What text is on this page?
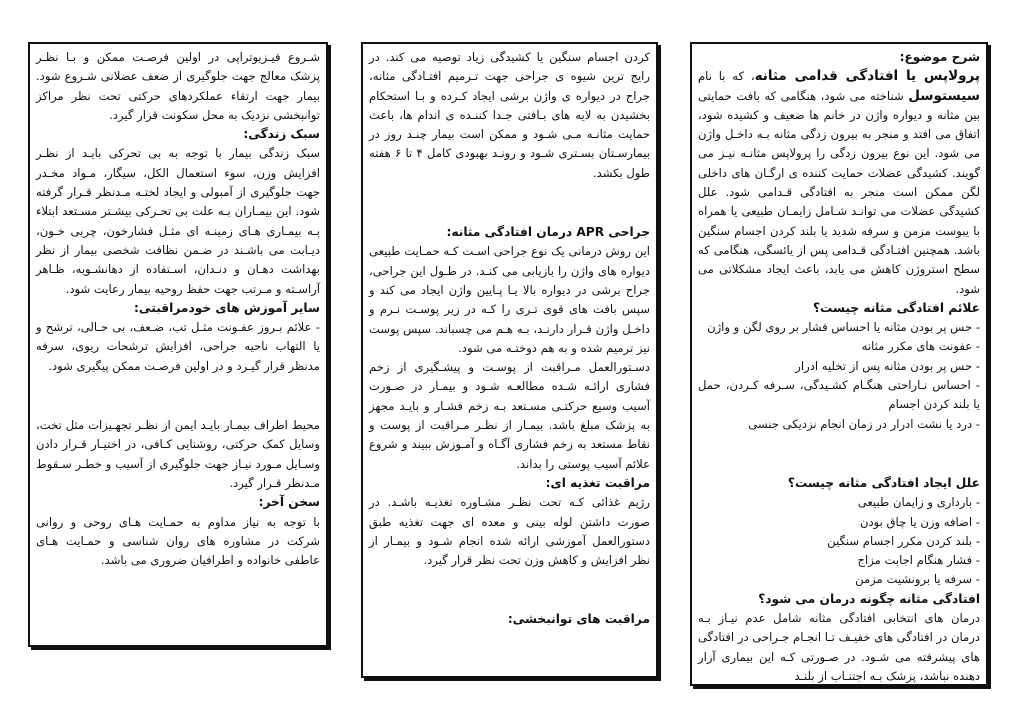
شرح موضوع:

پرولاپس یا افتادگی قدامی مثانه، که با نام سیستوسل شناخته می شود، هنگامی که بافت حمایتی بین مثانه و دیواره واژن در خانم ها ضعیف و کشیده شود، اتفاق می افتد و منجر به بیرون زدگی مثانه بـه داخـل واژن می شود. این نوع بیرون زدگی را پرولاپس مثانـه نیـز می گویند. کشیدگی عضلات حمایت کننده ی ارگـان های داخلی لگن ممکن است منجر به افتادگی قـدامی شود. علل کشیدگی عضلات می توانـد شـامل زایمـان طبیعی یا همراه با یبوست مزمن و سرفه شدید یا بلند کردن اجسام سنگین باشد. همچنین افتـادگی قـدامی پس از یائسگی، هنگامی که سطح استروژن کاهش می یابد، باعث ایجاد مشکلاتی می شود.

علائم افتادگی مثانه چیست؟

- حس پر بودن مثانه یا احساس فشار بر روی لگن و واژن

- عفونت های مکرر مثانه

- حس پر بودن مثانه پس از تخلیه ادرار

- احساس نـاراحتی هنگـام کشـیدگی، سـرفه کـردن، حمل یا بلند کردن اجسام

- درد یا نشت ادرار در زمان انجام نزدیکی جنسی

علل ایجاد افتادگی مثانه چیست؟

- بارداری و زایمان طبیعی

- اضافه وزن یا چاق بودن

- بلند کردن مکرر اجسام سنگین

- فشار هنگام اجابت مزاج

- سرفه یا برونشیت مزمن

افتادگی مثانه چگونه درمان می شود؟

درمان های انتخابی افتادگی مثانه شامل عدم نیـاز بـه درمان در افتادگی های خفیـف تـا انجـام جـراحی در افتادگی های پیشرفته می شـود. در صـورتی کـه این بیماری آزار دهنده نباشد، پزشک بـه اجتنـاب از بلنـد

کردن اجسام سنگین یا کشیدگی زیاد توصیه می کند. در رایج ترین شیوه ی جراحی جهت تـرمیم افتـادگی مثانه، جراح در دیواره ی واژن برشی ایجاد کـرده و بـا استحکام بخشیدن به لایه های بـافتی جـدا کننـده ی اندام ها، باعث حمایت مثانـه مـی شـود و ممکن است بیمار چنـد روز در بیمارسـتان بسـتری شـود و رونـد بهبودی کامل ۴ تا ۶ هفته طول بکشد.

جراحی APR درمان افتادگی مثانه:

این روش درمانی یک نوع جراحی اسـت کـه حمـایت طبیعی دیواره های واژن را بازیابی می کنـد. در طـول این جراحی، جراح برشی در دیواره بالا یـا پـایین واژن ایجاد می کند و سپس بافت های قوی تـری را کـه در زیر پوسـت نـرم و داخـل واژن قـرار دارنـد، بـه هـم می چسباند. سپس پوست نیز ترمیم شده و به هم دوختـه می شود.

دسـتورالعمل مـراقبت از پوسـت و پیشـگیری از زخم فشاری ارائـه شـده مطالعـه شـود و بیمـار در صـورت آسیب وسیع حرکتـی مسـتعد بـه زخم فشـار و بایـد مجهز به پزشک مبلغ باشد. بیمـار از نظـر مـراقبت از پوست و نقاط مستعد به زخم فشاری آگـاه و آمـوزش ببیند و شروع علائم آسیب پوستی را بداند.

مراقبت تغذیه ای:

رژیم غذائی کـه تحت نظـر مشـاوره تغذیـه باشـد. در صورت داشتن لوله بینی و معده ای جهت تغذیه طبق دستورالعمل آموزشی ارائه شده انجام شـود و بیمـار از نظر افزایش و کاهش وزن تحت نظر قرار گیرد.

مراقبت های توانبخشی:

شـروع فیـزیوتراپی در اولین فرصـت ممکن و بـا نظـر پزشک معالج جهت جلوگیری از ضعف عضلانی شـروع شود. بیمار جهت ارتقاء عملکردهای حرکتی تحت نظر مراکز توانبخشی نزدیک به محل سکونت قرار گیرد.

سبک زندگی:

سبک زندگی بیمار با توجه به بی تحرکی بایـد از نظـر افزایش وزن، سوء استعمال الکل، سیگار، مـواد مخـدر جهت جلوگیری از آمبولی و ایجاد لختـه مـدنظر قـرار گرفته شود. این بیمـاران بـه علت بی تحـرکی بیشـتر مسـتعد ابتلاء بـه بیمـاری هـای زمینـه ای مثـل فشارخون، چربی خـون، دیـابت می باشـند در ضـمن نظافت شخصی بیمار از نظر بهداشت دهـان و دنـدان، اسـتفاده از دهانشـویه، ظـاهر آراسـته و مـرتب جهت حفظ روحیه بیمار رعایت شود.

سایر آموزش های خودمراقبتی:

- علائم بـروز عفـونت مثـل تب، ضـعف، بی حـالی، ترشح و یا التهاب ناحیه جراحی، افزایش ترشحات ریوی، سرفه مدنظر قرار گیـرد و در اولین فرصـت ممکن پیگیری شود.

محیط اطراف بیمـار بایـد ایمن از نظـر تجهـیزات مثل تخت، وسایل کمک حرکتی، روشنایی کـافی، در اختیـار قـرار دادن وسـایل مـورد نیـاز جهت جلوگیری از آسیب و خطـر سـقوط مـدنظر قـرار گیرد.

سخن آخر:

با توجه به نیاز مداوم به حمـایت هـای روحی و روانی شرکت در مشاوره های روان شناسی و حمـایت هـای عاطفی خانواده و اطرافیان ضروری می باشد.
